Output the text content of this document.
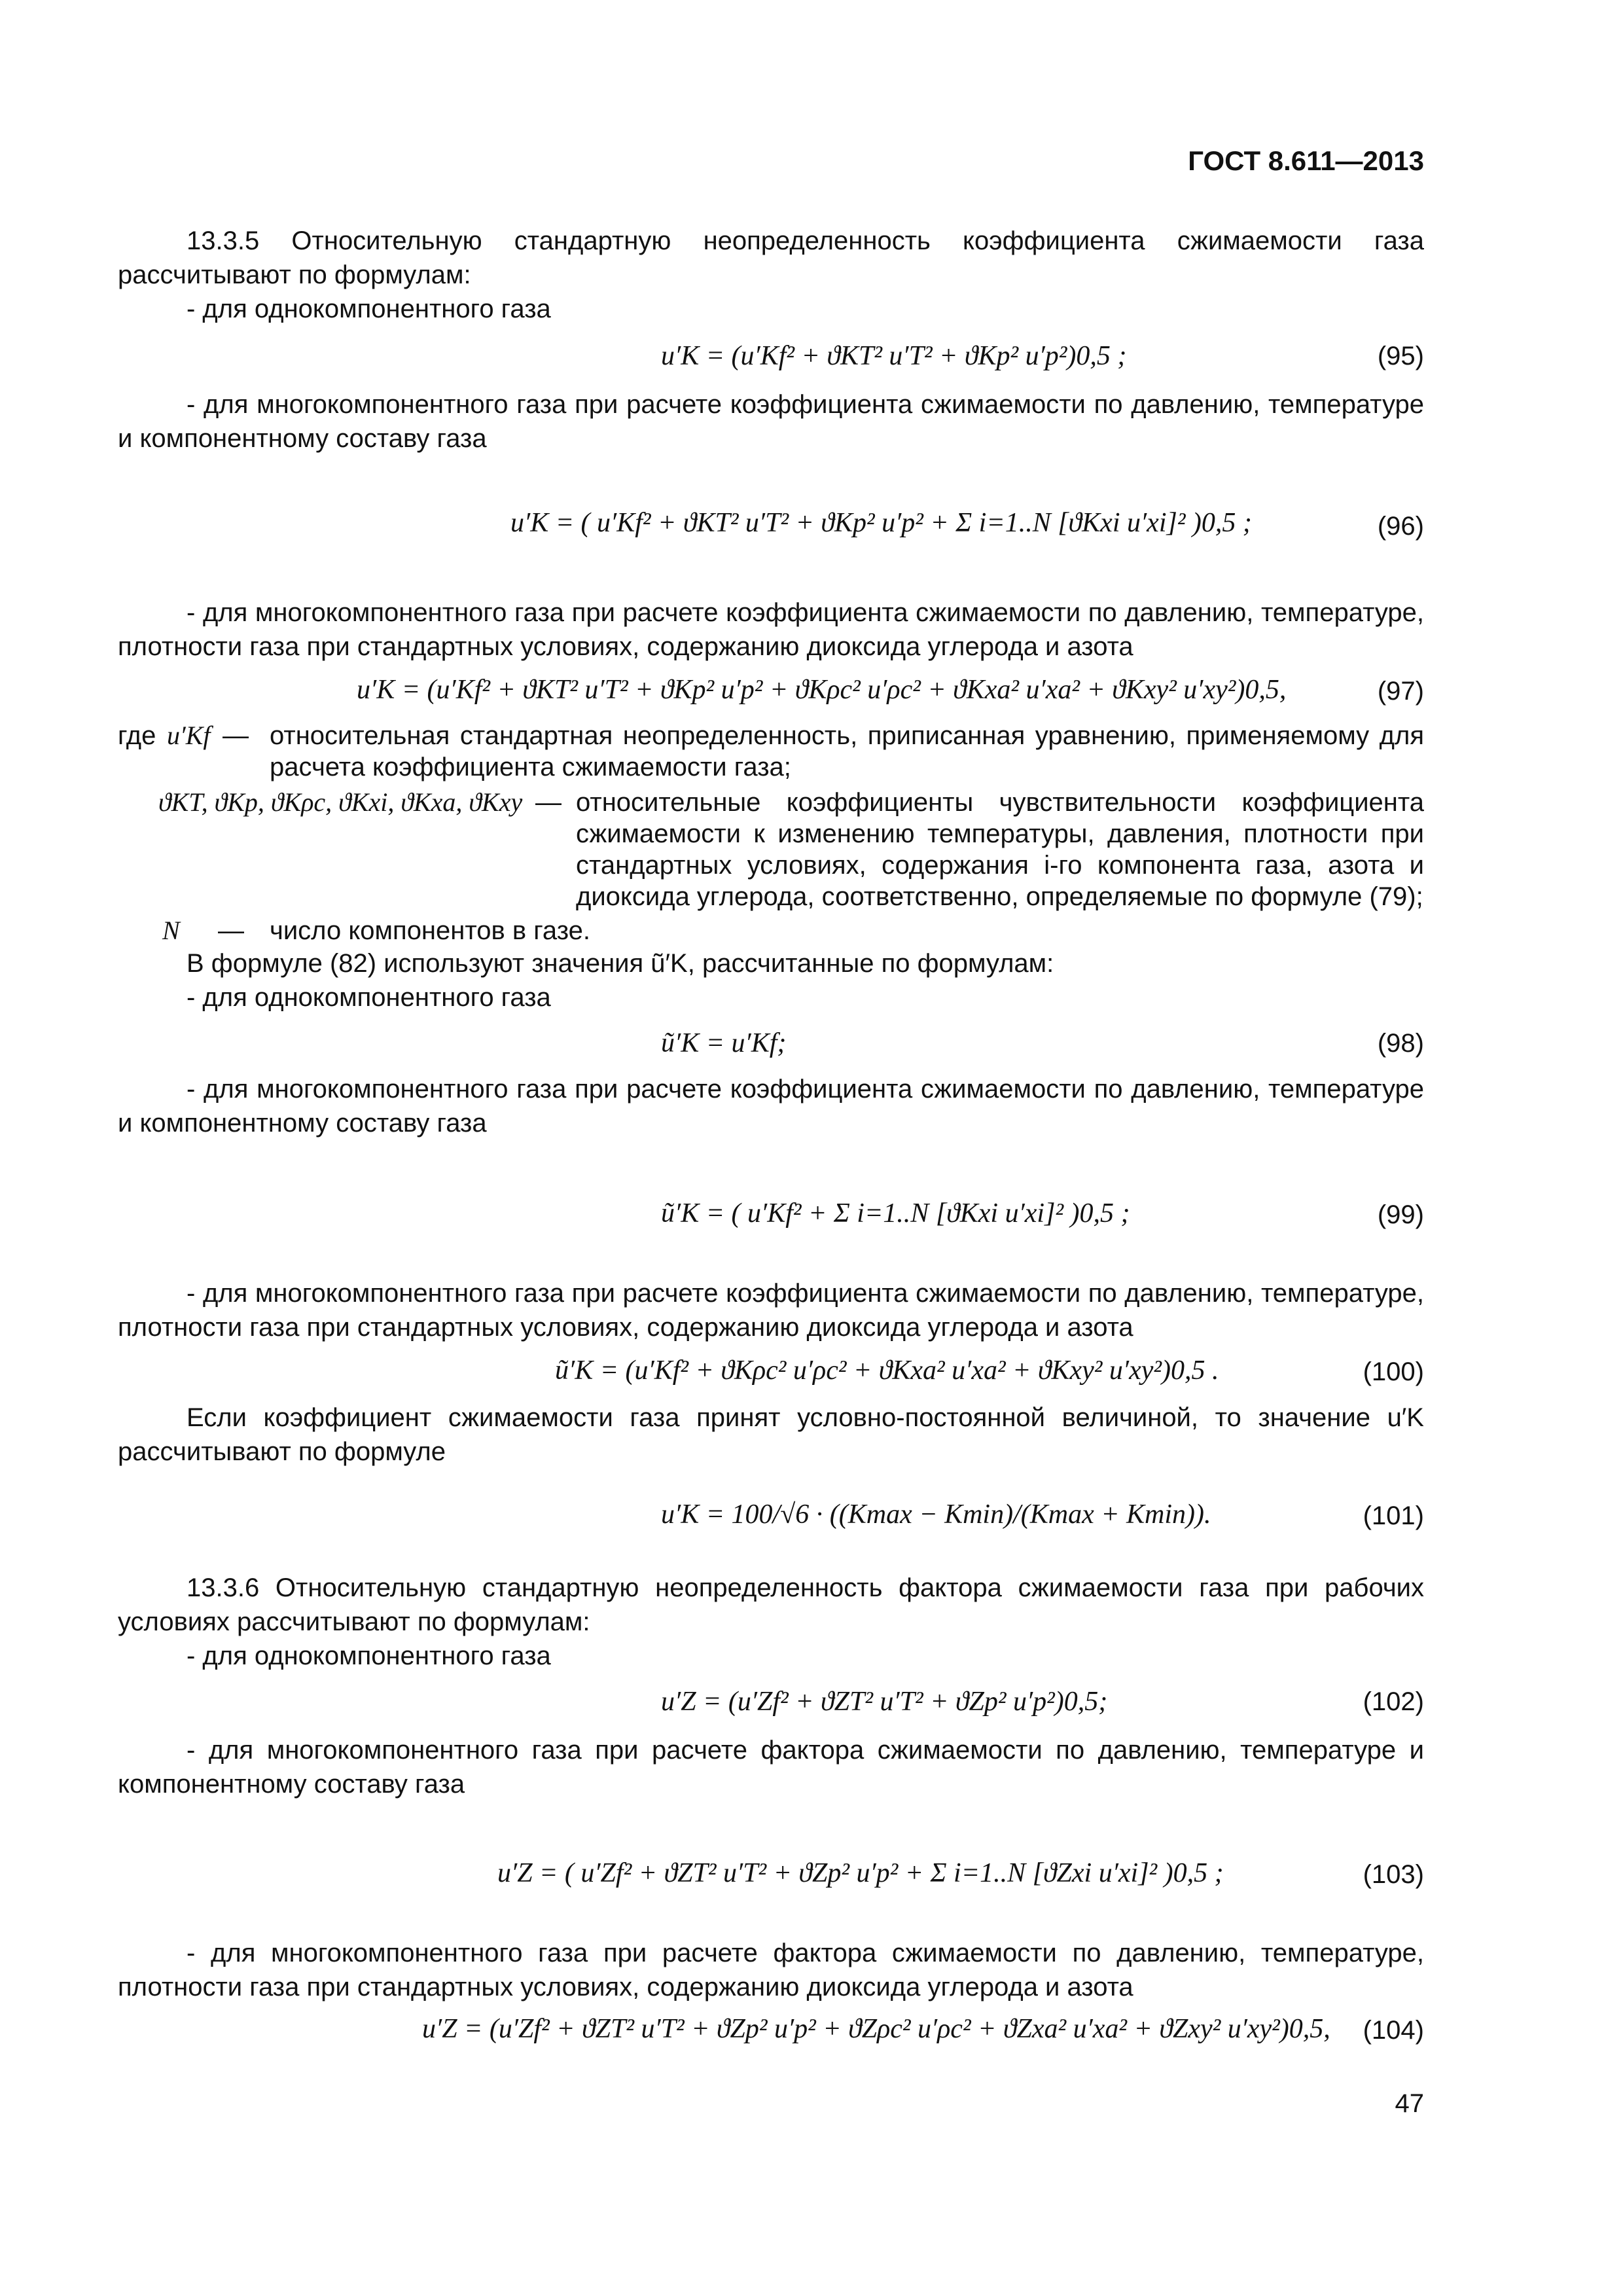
ГОСТ 8.611—2013
13.3.5 Относительную стандартную неопределенность коэффициента сжимаемости газа рассчитывают по формулам:
- для однокомпонентного газа
u′K = (u′Kf² + ϑKT² u′T² + ϑKp² u′p²)0,5 ;	(95)
- для многокомпонентного газа при расчете коэффициента сжимаемости по давлению, температуре и компонентному составу газа
u′K = ( u′Kf² + ϑKT² u′T² + ϑKp² u′p² + Σ i=1..N [ϑKxi u′xi]² )0,5 ;	(96)
- для многокомпонентного газа при расчете коэффициента сжимаемости по давлению, температуре, плотности газа при стандартных условиях, содержанию диоксида углерода и азота
u′K = (u′Kf² + ϑKT² u′T² + ϑKp² u′p² + ϑKρc² u′ρc² + ϑKxa² u′xa² + ϑKxy² u′xy²)0,5,	(97)
где u′Kf — относительная стандартная неопределенность, приписанная уравнению, применяемому для расчета коэффициента сжимаемости газа;
ϑKT, ϑKp, ϑKρc, ϑKxi, ϑKxa, ϑKxy — относительные коэффициенты чувствительности коэффициента сжимаемости к изменению температуры, давления, плотности при стандартных условиях, содержания i-го компонента газа, азота и диоксида углерода, соответственно, определяемые по формуле (79);
N — число компонентов в газе.
В формуле (82) используют значения ũ′K, рассчитанные по формулам:
- для однокомпонентного газа
ũ′K = u′Kf;	(98)
- для многокомпонентного газа при расчете коэффициента сжимаемости по давлению, температуре и компонентному составу газа
ũ′K = ( u′Kf² + Σ i=1..N [ϑKxi u′xi]² )0,5 ;	(99)
- для многокомпонентного газа при расчете коэффициента сжимаемости по давлению, температуре, плотности газа при стандартных условиях, содержанию диоксида углерода и азота
ũ′K = (u′Kf² + ϑKρc² u′ρc² + ϑKxa² u′xa² + ϑKxy² u′xy²)0,5 .	(100)
Если коэффициент сжимаемости газа принят условно-постоянной величиной, то значение u′K рассчитывают по формуле
u′K = 100/√6 · ((Kmax − Kmin)/(Kmax + Kmin)).	(101)
13.3.6 Относительную стандартную неопределенность фактора сжимаемости газа при рабочих условиях рассчитывают по формулам:
- для однокомпонентного газа
u′Z = (u′Zf² + ϑZT² u′T² + ϑZp² u′p²)0,5;	(102)
- для многокомпонентного газа при расчете фактора сжимаемости по давлению, температуре и компонентному составу газа
u′Z = ( u′Zf² + ϑZT² u′T² + ϑZp² u′p² + Σ i=1..N [ϑZxi u′xi]² )0,5 ;	(103)
- для многокомпонентного газа при расчете фактора сжимаемости по давлению, температуре, плотности газа при стандартных условиях, содержанию диоксида углерода и азота
u′Z = (u′Zf² + ϑZT² u′T² + ϑZp² u′p² + ϑZρc² u′ρc² + ϑZxa² u′xa² + ϑZxy² u′xy²)0,5, (104)
47
